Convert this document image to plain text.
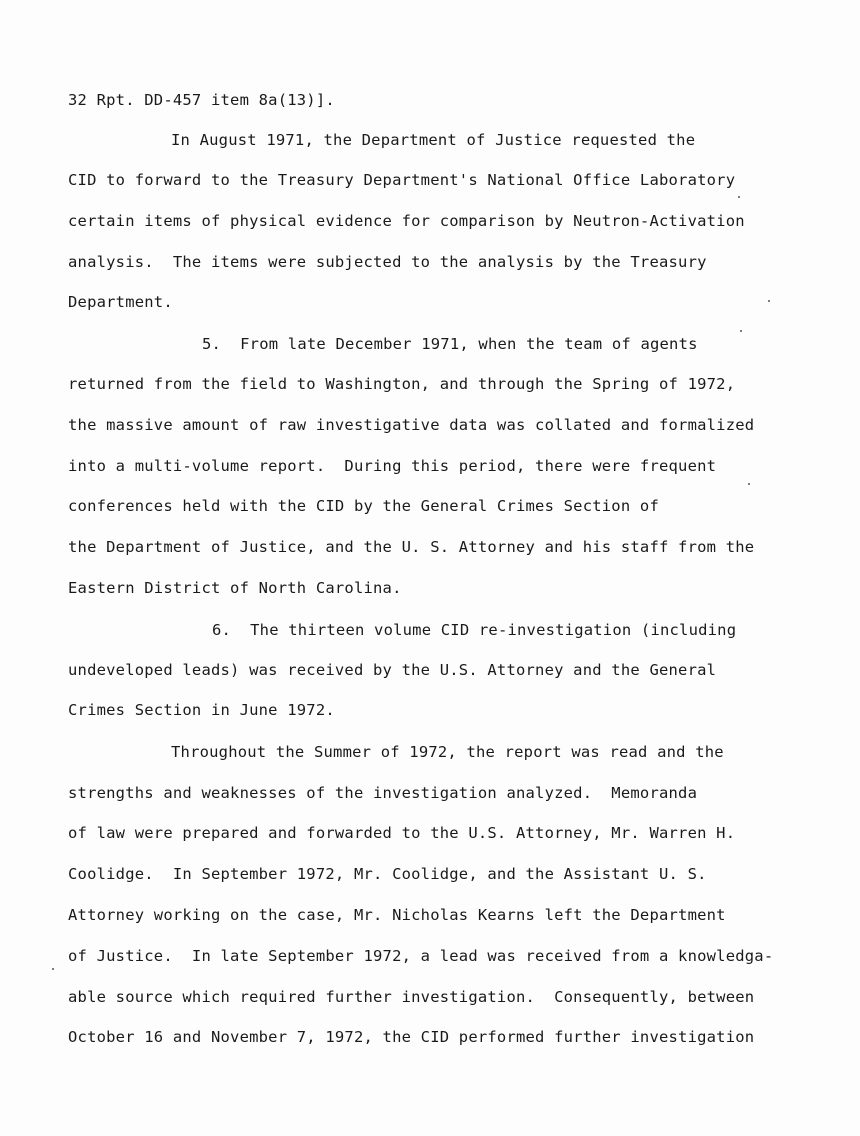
32 Rpt. DD-457 item 8a(13)].
In August 1971, the Department of Justice requested the
CID to forward to the Treasury Department's National Office Laboratory
certain items of physical evidence for comparison by Neutron-Activation
analysis.  The items were subjected to the analysis by the Treasury
Department.
5.  From late December 1971, when the team of agents
returned from the field to Washington, and through the Spring of 1972,
the massive amount of raw investigative data was collated and formalized
into a multi-volume report.  During this period, there were frequent
conferences held with the CID by the General Crimes Section of
the Department of Justice, and the U. S. Attorney and his staff from the
Eastern District of North Carolina.
6.  The thirteen volume CID re-investigation (including
undeveloped leads) was received by the U.S. Attorney and the General
Crimes Section in June 1972.
Throughout the Summer of 1972, the report was read and the
strengths and weaknesses of the investigation analyzed.  Memoranda
of law were prepared and forwarded to the U.S. Attorney, Mr. Warren H.
Coolidge.  In September 1972, Mr. Coolidge, and the Assistant U. S.
Attorney working on the case, Mr. Nicholas Kearns left the Department
of Justice.  In late September 1972, a lead was received from a knowledga-
able source which required further investigation.  Consequently, between
October 16 and November 7, 1972, the CID performed further investigation
